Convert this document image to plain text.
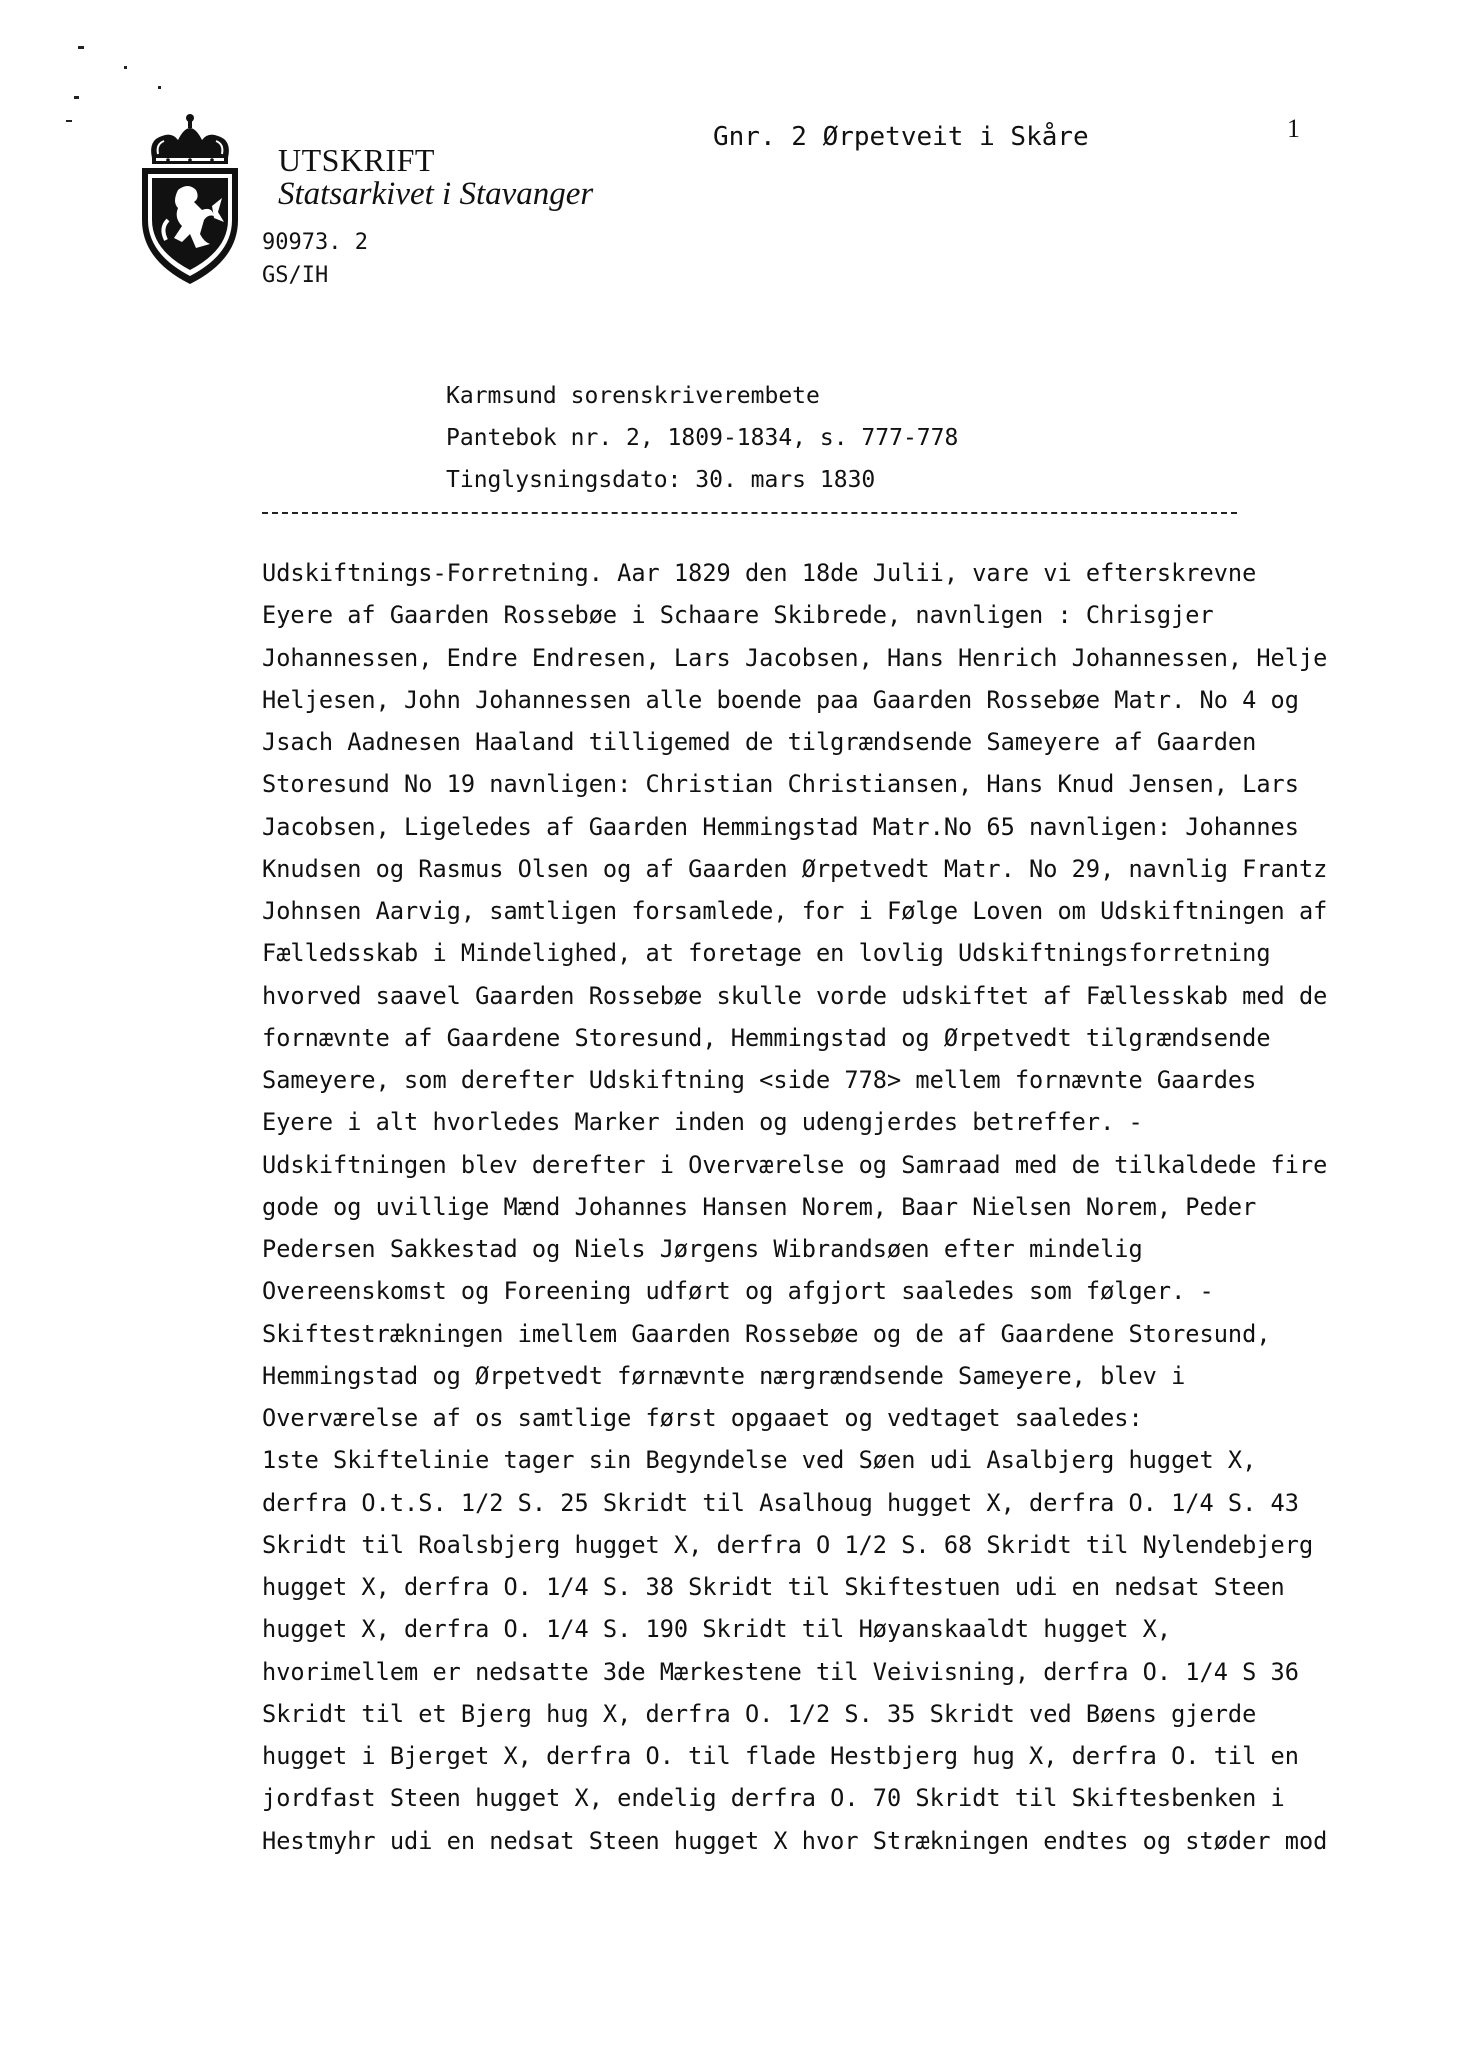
UTSKRIFT
Statsarkivet i Stavanger
90973. 2
GS/IH
Gnr. 2 Ørpetveit i Skåre	1
Karmsund sorenskriverembete
Pantebok nr. 2, 1809-1834, s. 777-778
Tinglysningsdato: 30. mars 1830
Udskiftnings-Forretning. Aar 1829 den 18de Julii, vare vi efterskrevne
Eyere af Gaarden Rossebøe i Schaare Skibrede, navnligen : Chrisgjer
Johannessen, Endre Endresen, Lars Jacobsen, Hans Henrich Johannessen, Helje
Heljesen, John Johannessen alle boende paa Gaarden Rossebøe Matr. No 4 og
Jsach Aadnesen Haaland tilligemed de tilgrændsende Sameyere af Gaarden
Storesund No 19 navnligen: Christian Christiansen, Hans Knud Jensen, Lars
Jacobsen, Ligeledes af Gaarden Hemmingstad Matr.No 65 navnligen: Johannes
Knudsen og Rasmus Olsen og af Gaarden Ørpetvedt Matr. No 29, navnlig Frantz
Johnsen Aarvig, samtligen forsamlede, for i Følge Loven om Udskiftningen af
Fælledsskab i Mindelighed, at foretage en lovlig Udskiftningsforretning
hvorved saavel Gaarden Rossebøe skulle vorde udskiftet af Fællesskab med de
fornævnte af Gaardene Storesund, Hemmingstad og Ørpetvedt tilgrændsende
Sameyere, som derefter Udskiftning <side 778> mellem fornævnte Gaardes
Eyere i alt hvorledes Marker inden og udengjerdes betreffer. -
Udskiftningen blev derefter i Overværelse og Samraad med de tilkaldede fire
gode og uvillige Mænd Johannes Hansen Norem, Baar Nielsen Norem, Peder
Pedersen Sakkestad og Niels Jørgens Wibrandsøen efter mindelig
Overeenskomst og Foreening udført og afgjort saaledes som følger. -
Skiftestrækningen imellem Gaarden Rossebøe og de af Gaardene Storesund,
Hemmingstad og Ørpetvedt førnævnte nærgrændsende Sameyere, blev i
Overværelse af os samtlige først opgaaet og vedtaget saaledes:
1ste Skiftelinie tager sin Begyndelse ved Søen udi Asalbjerg hugget X,
derfra O.t.S. 1/2 S. 25 Skridt til Asalhoug hugget X, derfra O. 1/4 S. 43
Skridt til Roalsbjerg hugget X, derfra O 1/2 S. 68 Skridt til Nylendebjerg
hugget X, derfra O. 1/4 S. 38 Skridt til Skiftestuen udi en nedsat Steen
hugget X, derfra O. 1/4 S. 190 Skridt til Høyanskaaldt hugget X,
hvorimellem er nedsatte 3de Mærkestene til Veivisning, derfra O. 1/4 S 36
Skridt til et Bjerg hug X, derfra O. 1/2 S. 35 Skridt ved Bøens gjerde
hugget i Bjerget X, derfra O. til flade Hestbjerg hug X, derfra O. til en
jordfast Steen hugget X, endelig derfra O. 70 Skridt til Skiftesbenken i
Hestmyhr udi en nedsat Steen hugget X hvor Strækningen endtes og støder mod
